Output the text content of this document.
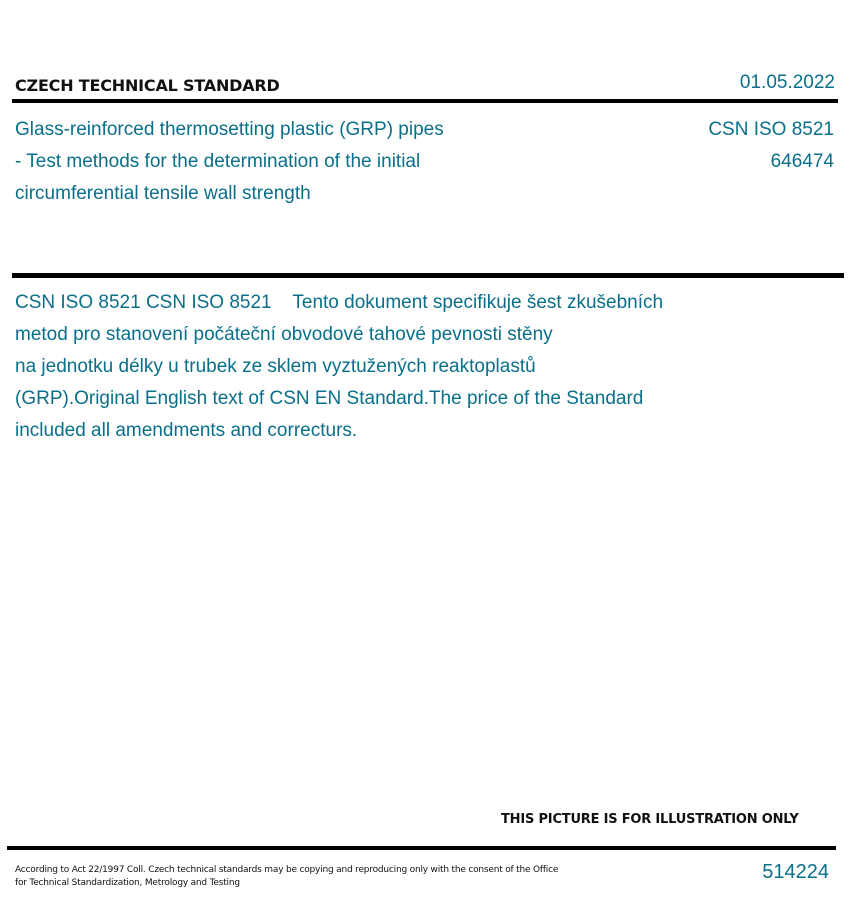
CZECH TECHNICAL STANDARD	01.05.2022
Glass-reinforced thermosetting plastic (GRP) pipes
- Test methods for the determination of the initial
circumferential tensile wall strength
CSN ISO 8521
646474
CSN ISO 8521 CSN ISO 8521    Tento dokument specifikuje šest zkušebních
metod pro stanovení počáteční obvodové tahové pevnosti stěny
na jednotku délky u trubek ze sklem vyztužených reaktoplastů
(GRP).Original English text of CSN EN Standard.The price of the Standard
included all amendments and correcturs.
THIS PICTURE IS FOR ILLUSTRATION ONLY
According to Act 22/1997 Coll. Czech technical standards may be copying and reproducing only with the consent of the Office
for Technical Standardization, Metrology and Testing	514224
